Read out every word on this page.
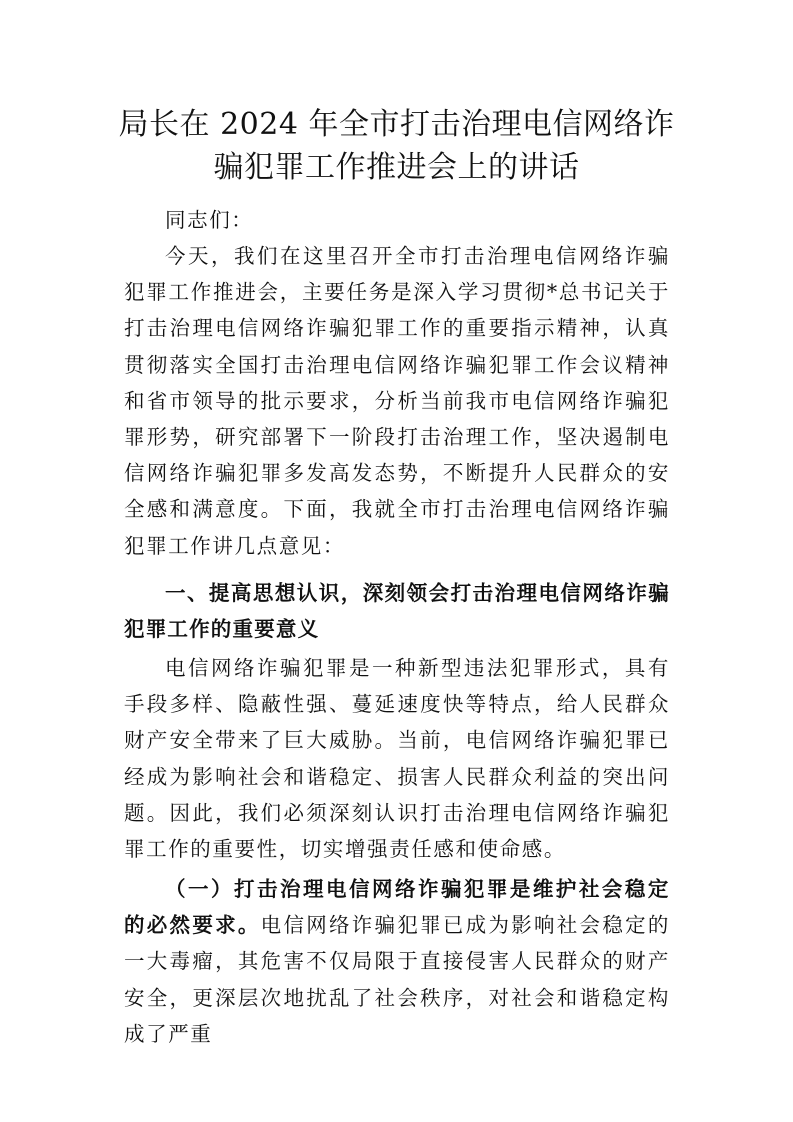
局长在 2024 年全市打击治理电信网络诈
骗犯罪工作推进会上的讲话

同志们：

今天，我们在这里召开全市打击治理电信网络诈骗犯罪工作推进会，主要任务是深入学习贯彻*总书记关于打击治理电信网络诈骗犯罪工作的重要指示精神，认真贯彻落实全国打击治理电信网络诈骗犯罪工作会议精神和省市领导的批示要求，分析当前我市电信网络诈骗犯罪形势，研究部署下一阶段打击治理工作，坚决遏制电信网络诈骗犯罪多发高发态势，不断提升人民群众的安全感和满意度。下面，我就全市打击治理电信网络诈骗犯罪工作讲几点意见：

一、提高思想认识，深刻领会打击治理电信网络诈骗犯罪工作的重要意义

电信网络诈骗犯罪是一种新型违法犯罪形式，具有手段多样、隐蔽性强、蔓延速度快等特点，给人民群众财产安全带来了巨大威胁。当前，电信网络诈骗犯罪已经成为影响社会和谐稳定、损害人民群众利益的突出问题。因此，我们必须深刻认识打击治理电信网络诈骗犯罪工作的重要性，切实增强责任感和使命感。

（一）打击治理电信网络诈骗犯罪是维护社会稳定的必然要求。电信网络诈骗犯罪已成为影响社会稳定的一大毒瘤，其危害不仅局限于直接侵害人民群众的财产安全，更深层次地扰乱了社会秩序，对社会和谐稳定构成了严重
